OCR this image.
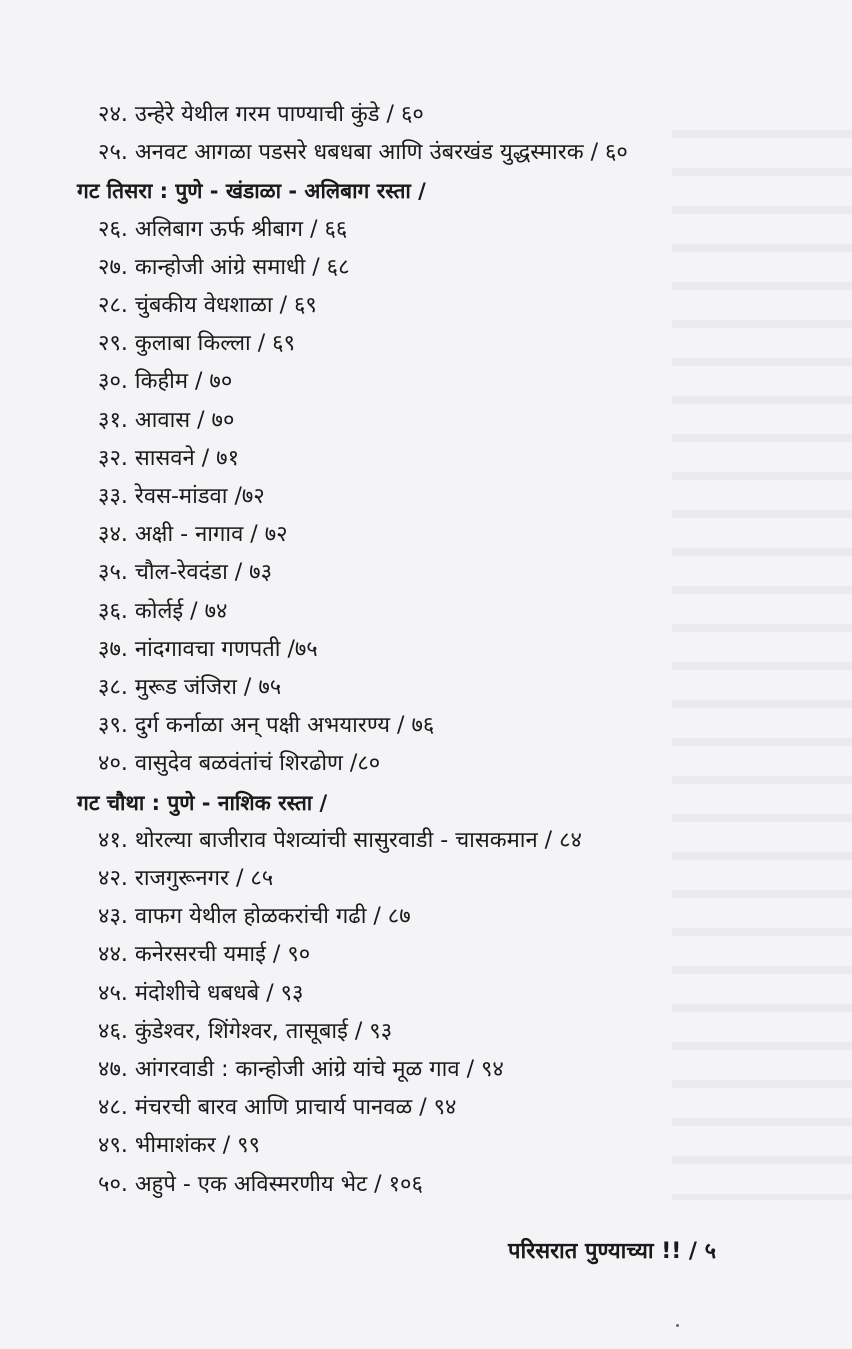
२४. उन्हेरे येथील गरम पाण्याची कुंडे / ६०
२५. अनवट आगळा पडसरे धबधबा आणि उंबरखंड युद्धस्मारक / ६०
गट तिसरा : पुणे - खंडाळा - अलिबाग रस्ता /
२६. अलिबाग ऊर्फ श्रीबाग / ६६
२७. कान्होजी आंग्रे समाधी / ६८
२८. चुंबकीय वेधशाळा / ६९
२९. कुलाबा किल्ला / ६९
३०. किहीम / ७०
३१. आवास / ७०
३२. सासवने / ७१
३३. रेवस-मांडवा /७२
३४. अक्षी - नागाव / ७२
३५. चौल-रेवदंडा / ७३
३६. कोर्लई / ७४
३७. नांदगावचा गणपती /७५
३८. मुरूड जंजिरा / ७५
३९. दुर्ग कर्नाळा अन् पक्षी अभयारण्य / ७६
४०. वासुदेव बळवंतांचं शिरढोण /८०
गट चौथा : पुणे - नाशिक रस्ता /
४१. थोरल्या बाजीराव पेशव्यांची सासुरवाडी - चासकमान / ८४
४२. राजगुरूनगर / ८५
४३. वाफग येथील होळकरांची गढी / ८७
४४. कनेरसरची यमाई / ९०
४५. मंदोशीचे धबधबे / ९३
४६. कुंडेश्वर, शिंगेश्वर, तासूबाई / ९३
४७. आंगरवाडी : कान्होजी आंग्रे यांचे मूळ गाव / ९४
४८. मंचरची बारव आणि प्राचार्य पानवळ / ९४
४९. भीमाशंकर / ९९
५०. अहुपे - एक अविस्मरणीय भेट / १०६
परिसरात पुण्याच्या !! / ५
